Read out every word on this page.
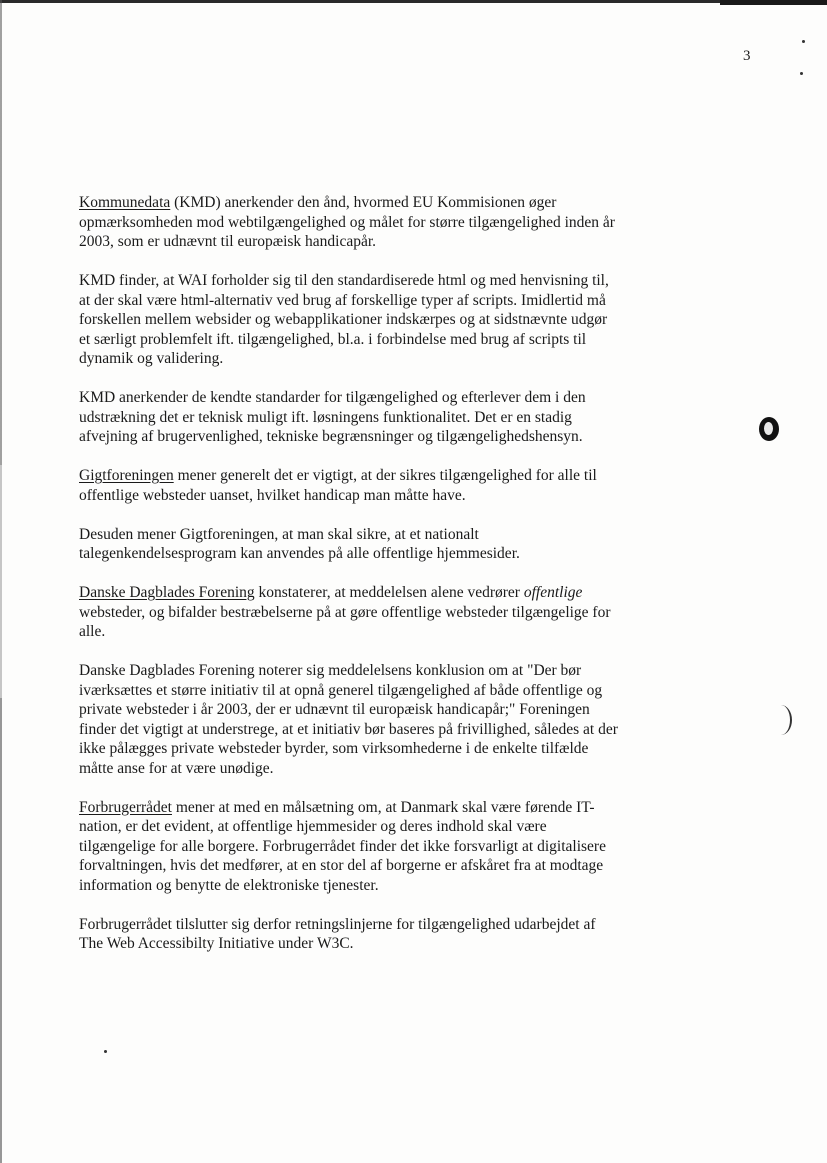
3

Kommunedata (KMD) anerkender den ånd, hvormed EU Kommisionen øger opmærksomheden mod webtilgængelighed og målet for større tilgængelighed inden år 2003, som er udnævnt til europæisk handicapår.

KMD finder, at WAI forholder sig til den standardiserede html og med henvisning til, at der skal være html-alternativ ved brug af forskellige typer af scripts. Imidlertid må forskellen mellem websider og webapplikationer indskærpes og at sidstnævnte udgør et særligt problemfelt ift. tilgængelighed, bl.a. i forbindelse med brug af scripts til dynamik og validering.

KMD anerkender de kendte standarder for tilgængelighed og efterlever dem i den udstrækning det er teknisk muligt ift. løsningens funktionalitet. Det er en stadig afvejning af brugervenlighed, tekniske begrænsninger og tilgængelighedshensyn.

Gigtforeningen mener generelt det er vigtigt, at der sikres tilgængelighed for alle til offentlige websteder uanset, hvilket handicap man måtte have.

Desuden mener Gigtforeningen, at man skal sikre, at et nationalt talegenkendelsesprogram kan anvendes på alle offentlige hjemmesider.

Danske Dagblades Forening konstaterer, at meddelelsen alene vedrører offentlige websteder, og bifalder bestræbelserne på at gøre offentlige websteder tilgængelige for alle.

Danske Dagblades Forening noterer sig meddelelsens konklusion om at "Der bør iværksættes et større initiativ til at opnå generel tilgængelighed af både offentlige og private websteder i år 2003, der er udnævnt til europæisk handicapår;" Foreningen finder det vigtigt at understrege, at et initiativ bør baseres på frivillighed, således at der ikke pålægges private websteder byrder, som virksomhederne i de enkelte tilfælde måtte anse for at være unødige.

Forbrugerrådet mener at med en målsætning om, at Danmark skal være førende IT-nation, er det evident, at offentlige hjemmesider og deres indhold skal være tilgængelige for alle borgere. Forbrugerrådet finder det ikke forsvarligt at digitalisere forvaltningen, hvis det medfører, at en stor del af borgerne er afskåret fra at modtage information og benytte de elektroniske tjenester.

Forbrugerrådet tilslutter sig derfor retningslinjerne for tilgængelighed udarbejdet af The Web Accessibilty Initiative under W3C.
